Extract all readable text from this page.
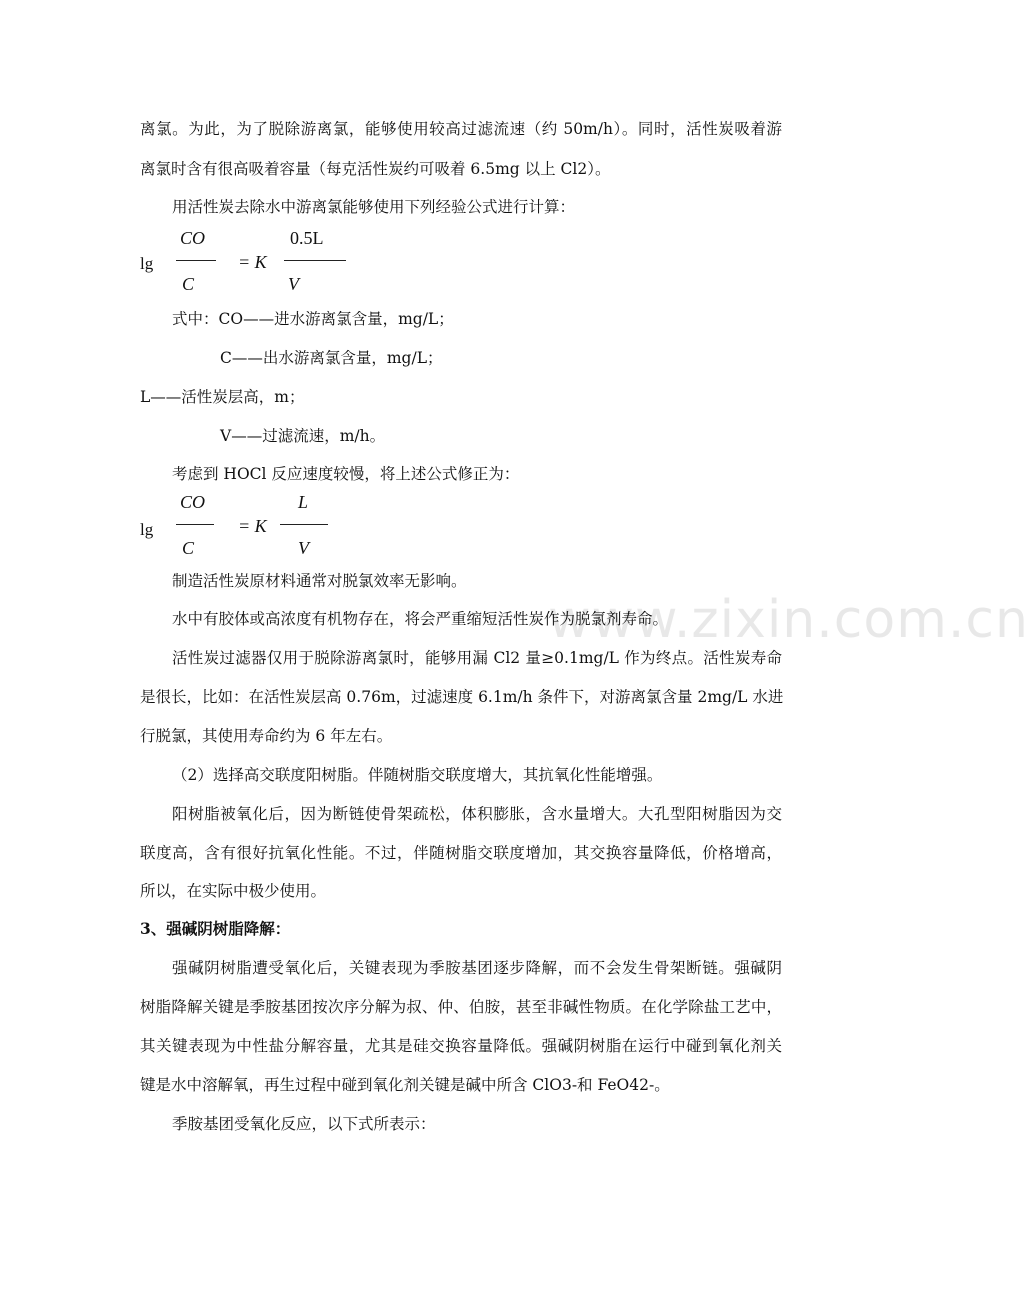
离氯。为此，为了脱除游离氯，能够使用较高过滤流速（约 50m/h）。同时，活性炭吸着游
离氯时含有很高吸着容量（每克活性炭约可吸着 6.5mg 以上 Cl2）。
用活性炭去除水中游离氯能够使用下列经验公式进行计算：
lg
CO
C
= K
0.5L
V
式中：CO——进水游离氯含量，mg/L；
C——出水游离氯含量，mg/L；
L——活性炭层高，m；
V——过滤流速，m/h。
考虑到 HOCl 反应速度较慢，将上述公式修正为：
lg
CO
C
= K
L
V
制造活性炭原材料通常对脱氯效率无影响。
www.zixin.com.cn
水中有胶体或高浓度有机物存在，将会严重缩短活性炭作为脱氯剂寿命。
活性炭过滤器仅用于脱除游离氯时，能够用漏 Cl2 量≥0.1mg/L 作为终点。活性炭寿命
是很长，比如：在活性炭层高 0.76m，过滤速度 6.1m/h 条件下，对游离氯含量 2mg/L 水进
行脱氯，其使用寿命约为 6 年左右。
（2）选择高交联度阳树脂。伴随树脂交联度增大，其抗氧化性能增强。
阳树脂被氧化后，因为断链使骨架疏松，体积膨胀，含水量增大。大孔型阳树脂因为交
联度高，含有很好抗氧化性能。不过，伴随树脂交联度增加，其交换容量降低，价格增高，
所以，在实际中极少使用。
3、强碱阴树脂降解：
强碱阴树脂遭受氧化后，关键表现为季胺基团逐步降解，而不会发生骨架断链。强碱阴
树脂降解关键是季胺基团按次序分解为叔、仲、伯胺，甚至非碱性物质。在化学除盐工艺中，
其关键表现为中性盐分解容量，尤其是硅交换容量降低。强碱阴树脂在运行中碰到氧化剂关
键是水中溶解氧，再生过程中碰到氧化剂关键是碱中所含 ClO3-和 FeO42-。
季胺基团受氧化反应，以下式所表示：
